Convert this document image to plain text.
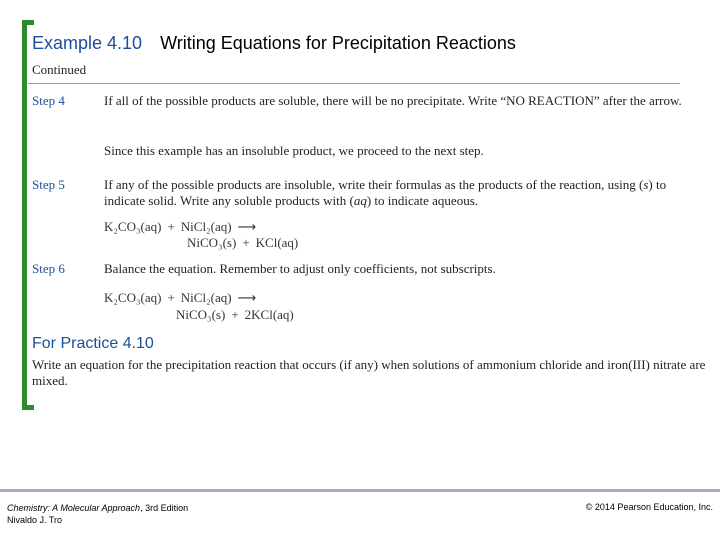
Example 4.10 Writing Equations for Precipitation Reactions
Continued
Step 4	If all of the possible products are soluble, there will be no precipitate. Write “NO REACTION” after the arrow.
Since this example has an insoluble product, we proceed to the next step.
Step 5	If any of the possible products are insoluble, write their formulas as the products of the reaction, using (s) to indicate solid. Write any soluble products with (aq) to indicate aqueous.
K₂CO₃(aq) + NiCl₂(aq) ⟶
NiCO₃(s) + KCl(aq)
Step 6	Balance the equation. Remember to adjust only coefficients, not subscripts.
K₂CO₃(aq) + NiCl₂(aq) ⟶
NiCO₃(s) + 2KCl(aq)
For Practice 4.10
Write an equation for the precipitation reaction that occurs (if any) when solutions of ammonium chloride and iron(III) nitrate are mixed.
Chemistry: A Molecular Approach, 3rd Edition
Nivaldo J. Tro
© 2014 Pearson Education, Inc.
